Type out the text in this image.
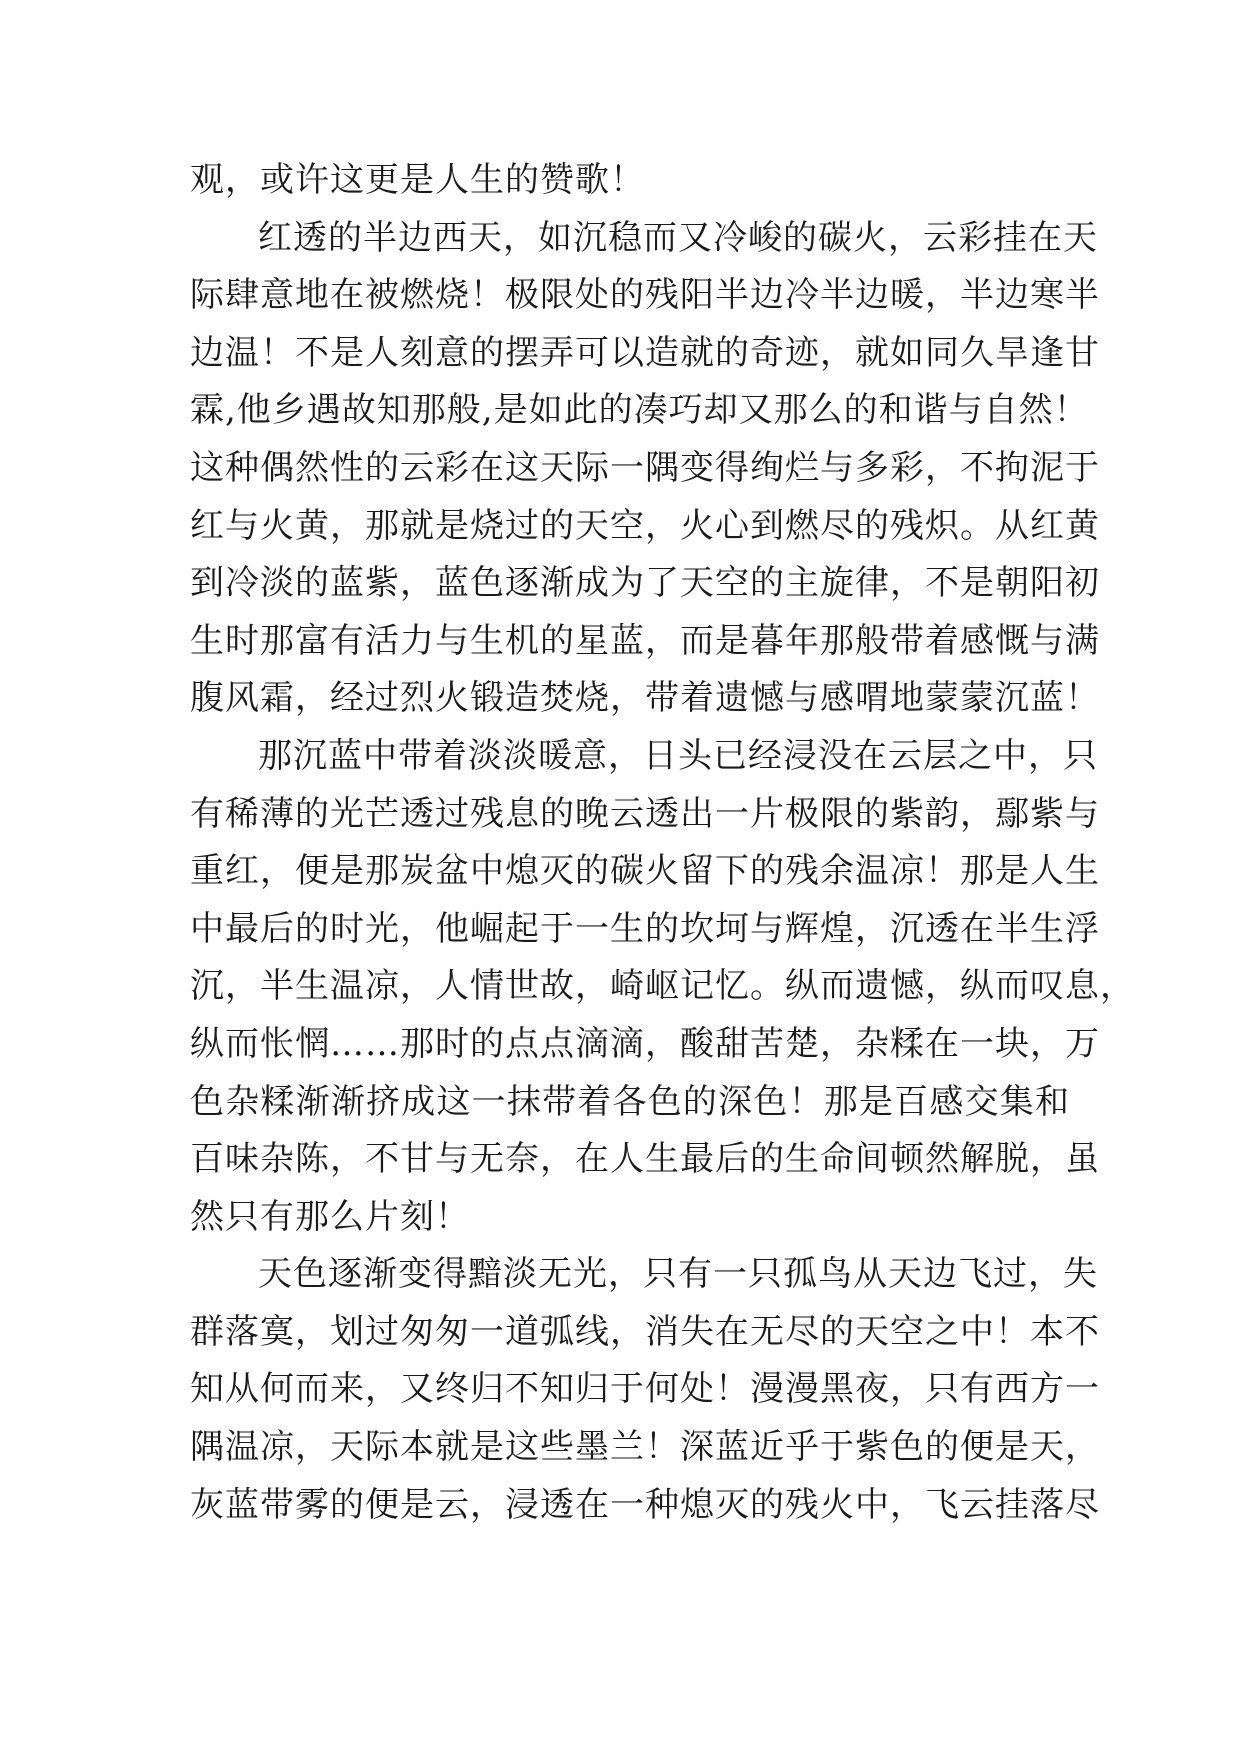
观，或许这更是人生的赞歌！
红透的半边西天，如沉稳而又冷峻的碳火，云彩挂在天
际肆意地在被燃烧！极限处的残阳半边冷半边暖，半边寒半
边温！不是人刻意的摆弄可以造就的奇迹，就如同久旱逢甘
霖,他乡遇故知那般,是如此的凑巧却又那么的和谐与自然！
这种偶然性的云彩在这天际一隅变得绚烂与多彩，不拘泥于
红与火黄，那就是烧过的天空，火心到燃尽的残炽。从红黄
到冷淡的蓝紫，蓝色逐渐成为了天空的主旋律，不是朝阳初
生时那富有活力与生机的星蓝，而是暮年那般带着感慨与满
腹风霜，经过烈火锻造焚烧，带着遗憾与感喟地蒙蒙沉蓝！
那沉蓝中带着淡淡暖意，日头已经浸没在云层之中，只
有稀薄的光芒透过残息的晚云透出一片极限的紫韵，鄢紫与
重红，便是那炭盆中熄灭的碳火留下的残余温凉！那是人生
中最后的时光，他崛起于一生的坎坷与辉煌，沉透在半生浮
沉，半生温凉，人情世故，崎岖记忆。纵而遗憾，纵而叹息，
纵而怅惘……那时的点点滴滴，酸甜苦楚，杂糅在一块，万
色杂糅渐渐挤成这一抹带着各色的深色！那是百感交集和
百味杂陈，不甘与无奈，在人生最后的生命间顿然解脱，虽
然只有那么片刻！
天色逐渐变得黯淡无光，只有一只孤鸟从天边飞过，失
群落寞，划过匆匆一道弧线，消失在无尽的天空之中！本不
知从何而来，又终归不知归于何处！漫漫黑夜，只有西方一
隅温凉，天际本就是这些墨兰！深蓝近乎于紫色的便是天，
灰蓝带雾的便是云，浸透在一种熄灭的残火中，飞云挂落尽
